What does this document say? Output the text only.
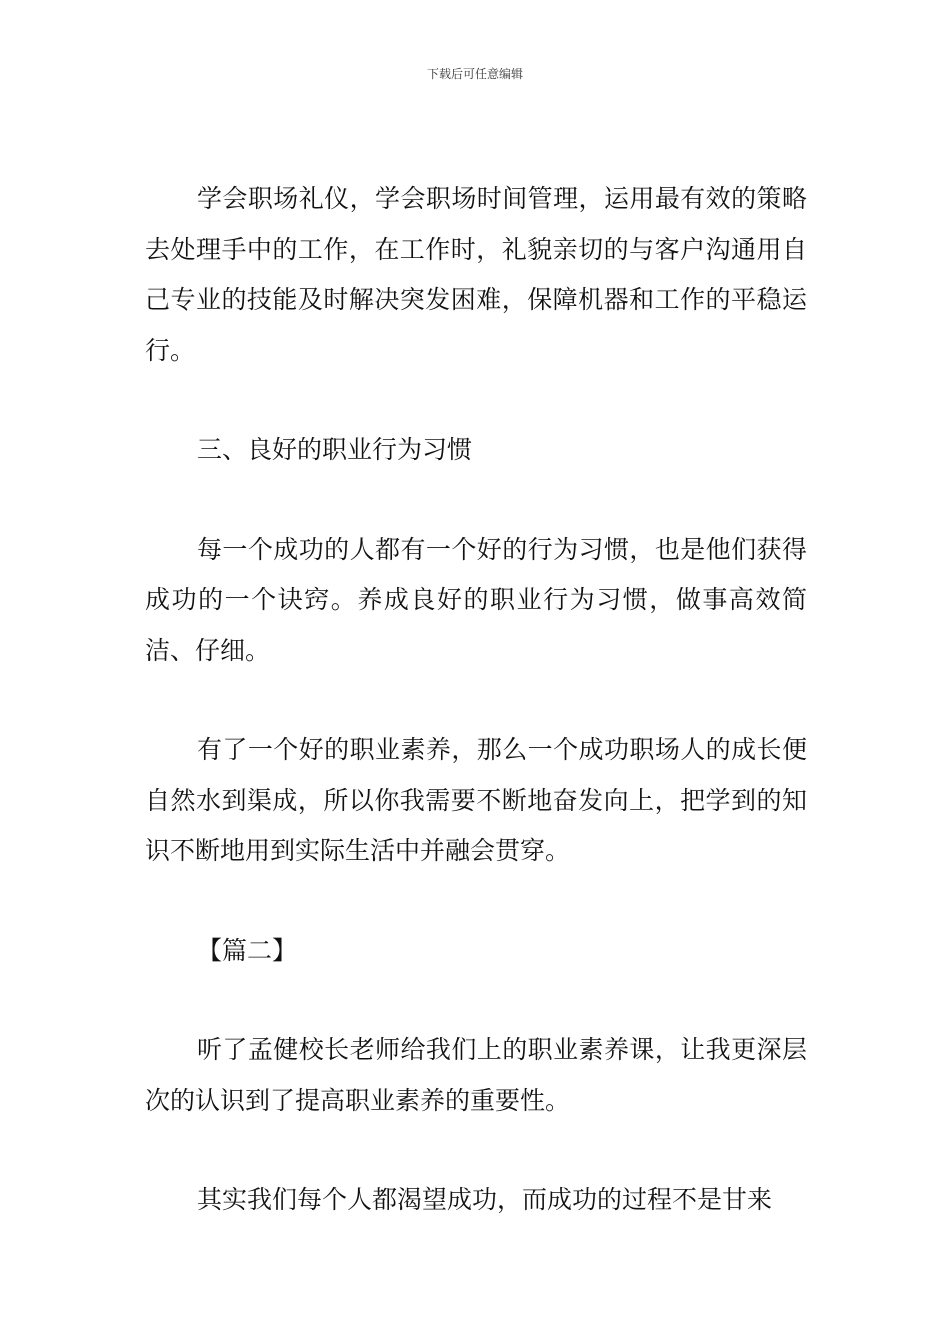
下载后可任意编辑

学会职场礼仪，学会职场时间管理，运用最有效的策略去处理手中的工作，在工作时，礼貌亲切的与客户沟通用自己专业的技能及时解决突发困难，保障机器和工作的平稳运行。

三、良好的职业行为习惯

每一个成功的人都有一个好的行为习惯，也是他们获得成功的一个诀窍。养成良好的职业行为习惯，做事高效简洁、仔细。

有了一个好的职业素养，那么一个成功职场人的成长便自然水到渠成，所以你我需要不断地奋发向上，把学到的知识不断地用到实际生活中并融会贯穿。

【篇二】

听了孟健校长老师给我们上的职业素养课，让我更深层次的认识到了提高职业素养的重要性。

其实我们每个人都渴望成功，而成功的过程不是甘来
